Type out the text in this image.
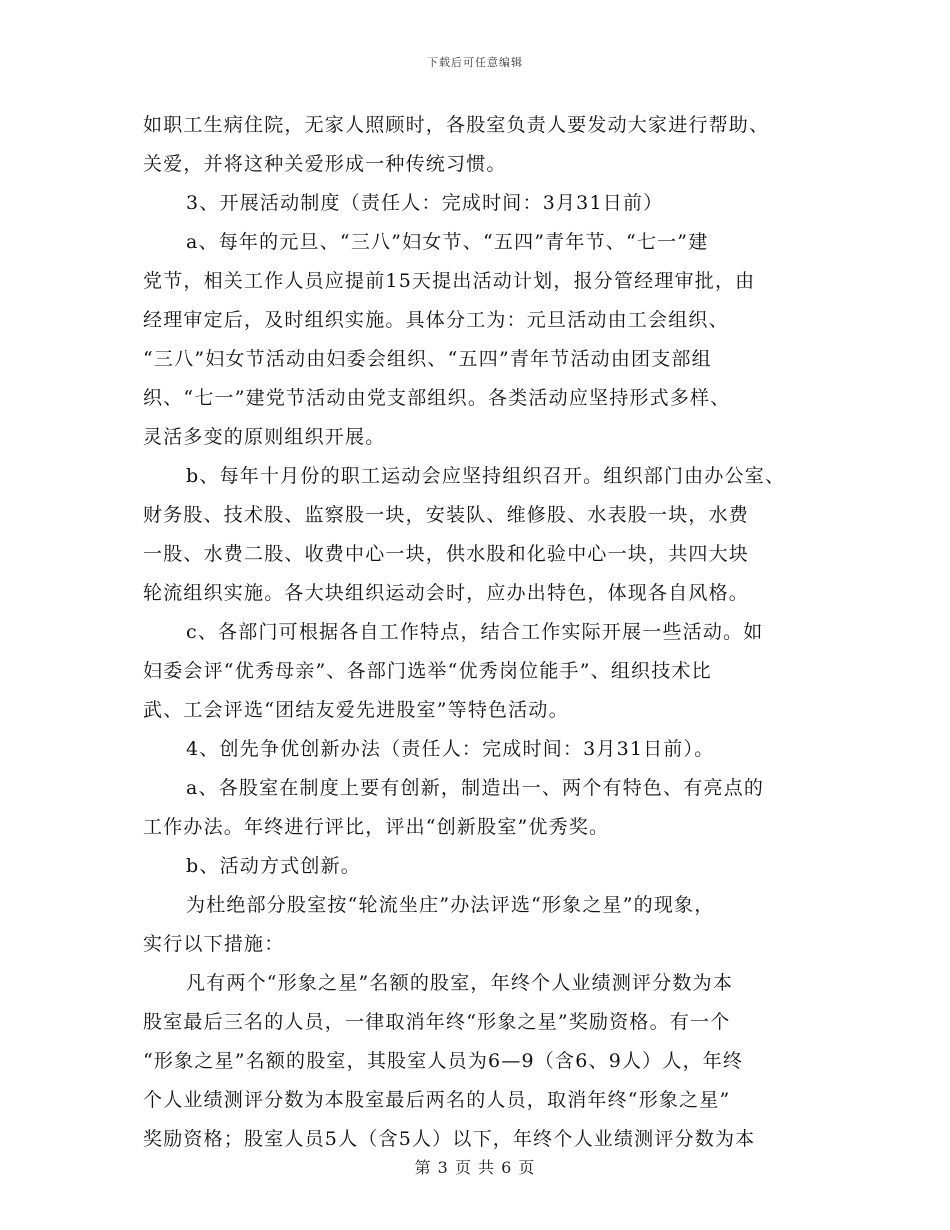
下载后可任意编辑
如职工生病住院，无家人照顾时，各股室负责人要发动大家进行帮助、
关爱，并将这种关爱形成一种传统习惯。
3、开展活动制度（责任人：完成时间：3月31日前）
a、每年的元旦、“三八”妇女节、“五四”青年节、“七一”建
党节，相关工作人员应提前15天提出活动计划，报分管经理审批，由
经理审定后，及时组织实施。具体分工为：元旦活动由工会组织、
“三八”妇女节活动由妇委会组织、“五四”青年节活动由团支部组
织、“七一”建党节活动由党支部组织。各类活动应坚持形式多样、
灵活多变的原则组织开展。
b、每年十月份的职工运动会应坚持组织召开。组织部门由办公室、
财务股、技术股、监察股一块，安装队、维修股、水表股一块，水费
一股、水费二股、收费中心一块，供水股和化验中心一块，共四大块
轮流组织实施。各大块组织运动会时，应办出特色，体现各自风格。
c、各部门可根据各自工作特点，结合工作实际开展一些活动。如
妇委会评“优秀母亲”、各部门选举“优秀岗位能手”、组织技术比
武、工会评选“团结友爱先进股室”等特色活动。
4、创先争优创新办法（责任人：完成时间：3月31日前）。
a、各股室在制度上要有创新，制造出一、两个有特色、有亮点的
工作办法。年终进行评比，评出“创新股室”优秀奖。
b、活动方式创新。
为杜绝部分股室按“轮流坐庄”办法评选“形象之星”的现象，
实行以下措施：
凡有两个“形象之星”名额的股室，年终个人业绩测评分数为本
股室最后三名的人员，一律取消年终“形象之星”奖励资格。有一个
“形象之星”名额的股室，其股室人员为6—9（含6、9人）人，年终
个人业绩测评分数为本股室最后两名的人员，取消年终“形象之星”
奖励资格；股室人员5人（含5人）以下，年终个人业绩测评分数为本
第 3 页 共 6 页
